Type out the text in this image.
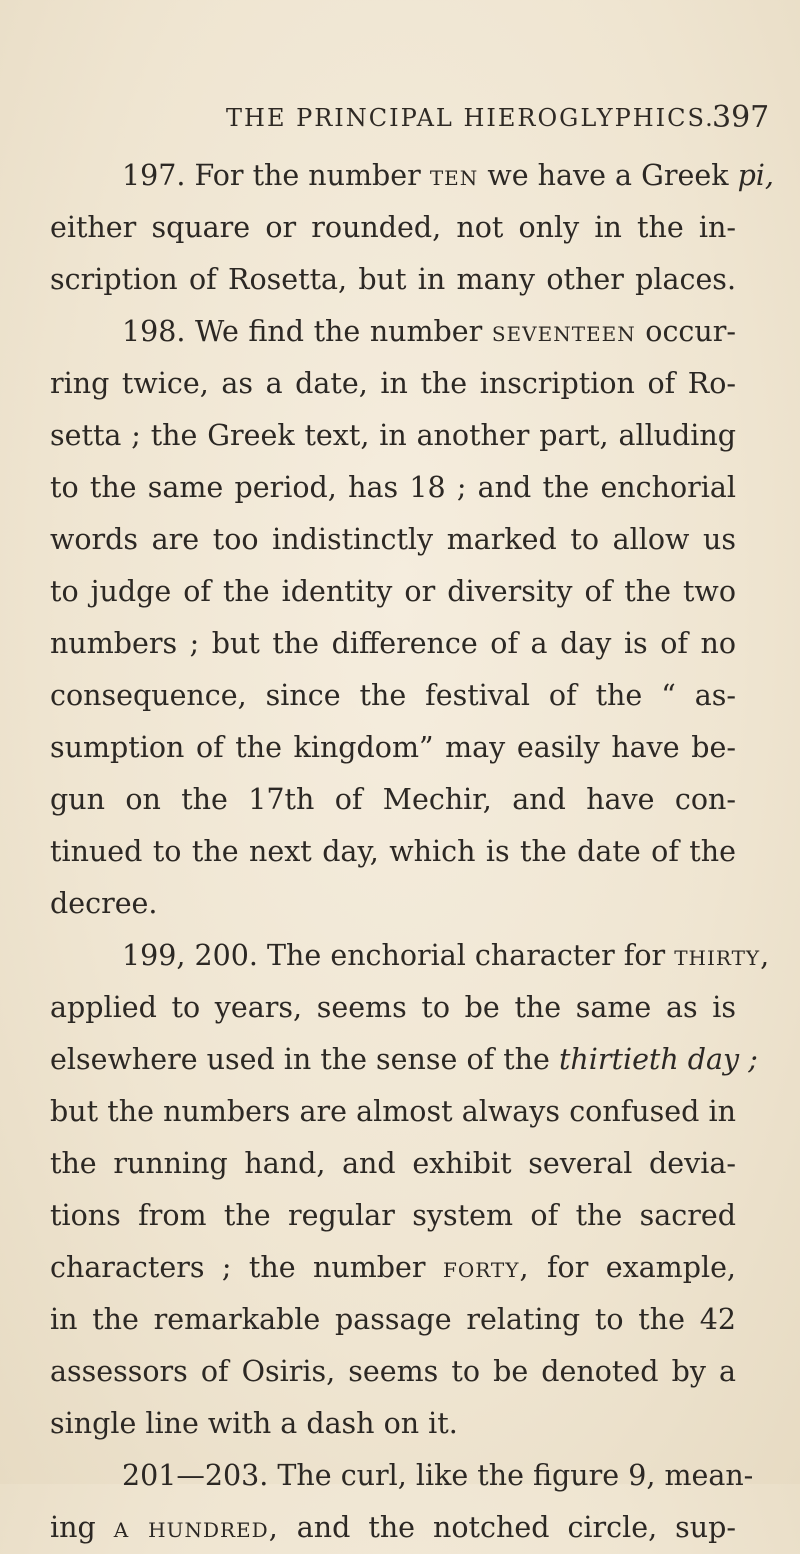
THE PRINCIPAL HIEROGLYPHICS.
397
197. For the number ten we have a Greek pi,
either square or rounded, not only in the in-
scription of Rosetta, but in many other places.
198. We find the number seventeen occur-
ring twice, as a date, in the inscription of Ro-
setta ; the Greek text, in another part, alluding
to the same period, has 18 ; and the enchorial
words are too indistinctly marked to allow us
to judge of the identity or diversity of the two
numbers ; but the difference of a day is of no
consequence, since the festival of the “ as-
sumption of the kingdom” may easily have be-
gun on the 17th of Mechir, and have con-
tinued to the next day, which is the date of the
decree.
199, 200. The enchorial character for thirty,
applied to years, seems to be the same as is
elsewhere used in the sense of the thirtieth day ;
but the numbers are almost always confused in
the running hand, and exhibit several devia-
tions from the regular system of the sacred
characters ; the number forty, for example,
in the remarkable passage relating to the 42
assessors of Osiris, seems to be denoted by a
single line with a dash on it.
201—203. The curl, like the figure 9, mean-
ing a hundred, and the notched circle, sup-
